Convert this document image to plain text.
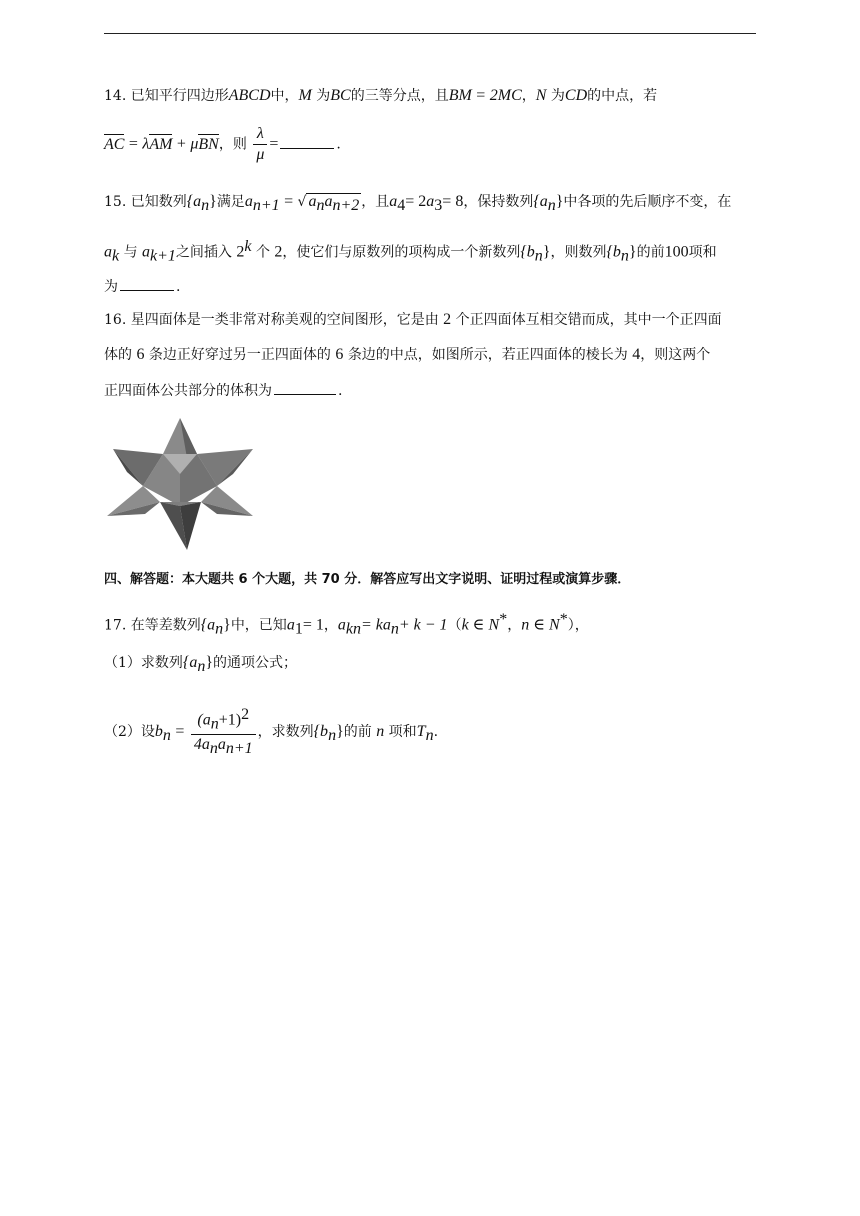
14. 已知平行四边形ABCD中，M 为BC的三等分点，且BM = 2MC，N 为CD的中点，若
AC = λAM + μBN，则 $\frac{\lambda}{\mu}$ =	.
15. 已知数列$\{a_n\}$满足$a_{n+1}$ = √ $a_na_{n+2}$ ，且$a_4= 2a_3= 8$，保持数列$\{a_n\}$中各项的先后顺序不变，在
$a_k$ 与 $a_{k+1}$之间插入 2$^k$ 个 2，使它们与原数列的项构成一个新数列$\{b_n\}$，则数列$\{b_n\}$的前100项和
为	.
16. 星四面体是一类非常对称美观的空间图形，它是由 2 个正四面体互相交错而成，其中一个正四面
体的 6 条边正好穿过另一正四面体的 6 条边的中点，如图所示，若正四面体的棱长为 4，则这两个
正四面体公共部分的体积为	.
四、解答题：本大题共 6 个大题，共 70 分．解答应写出文字说明、证明过程或演算步骤．
17. 在等差数列$\{a_n\}$中，已知$a_1= 1$，$a_{kn}= ka_n+ k - 1(k$ ∈ N*，n ∈ N*），
（1）求数列$\{a_n\}$的通项公式；
（2）设$b_n = \frac{(a_n+1)^2}{4a_na_{n+1}}$ ，求数列$\{b_n\}$的前 n 项和$T_n$.
